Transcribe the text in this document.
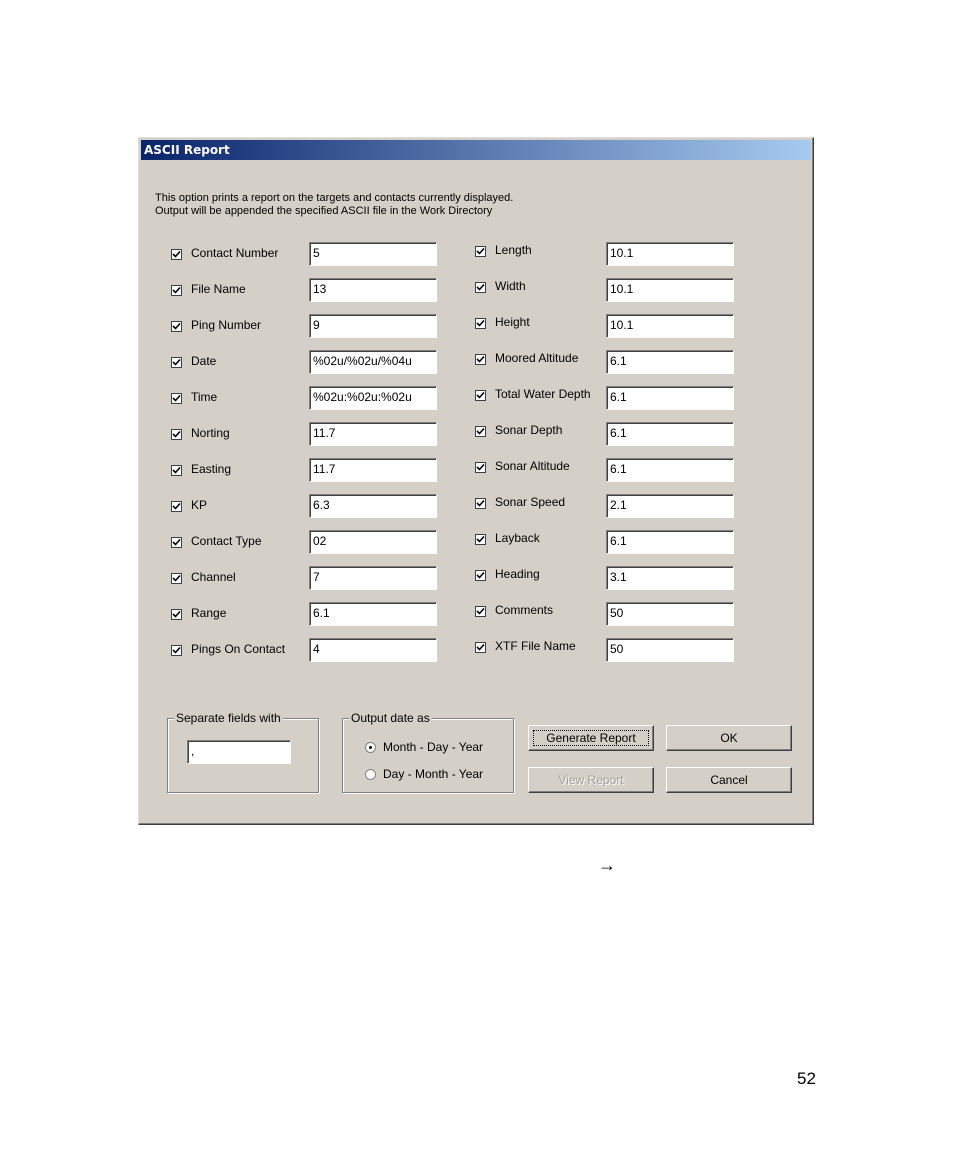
ASCII Report
This option prints a report on the targets and contacts currently displayed.
Output will be appended the specified ASCII file in the Work Directory
Contact Number	5
File Name	13
Ping Number	9
Date	%02u/%02u/%04u
Time	%02u:%02u:%02u
Norting	11.7
Easting	11.7
KP	6.3
Contact Type	02
Channel	7
Range	6.1
Pings On Contact	4
Length	10.1
Width	10.1
Height	10.1
Moored Altitude	6.1
Total Water Depth	6.1
Sonar Depth	6.1
Sonar Altitude	6.1
Sonar Speed	2.1
Layback	6.1
Heading	3.1
Comments	50
XTF File Name	50
Separate fields with
,
Output date as
Month - Day - Year
Day - Month - Year
Generate Report
View Report
OK
Cancel
→
52
